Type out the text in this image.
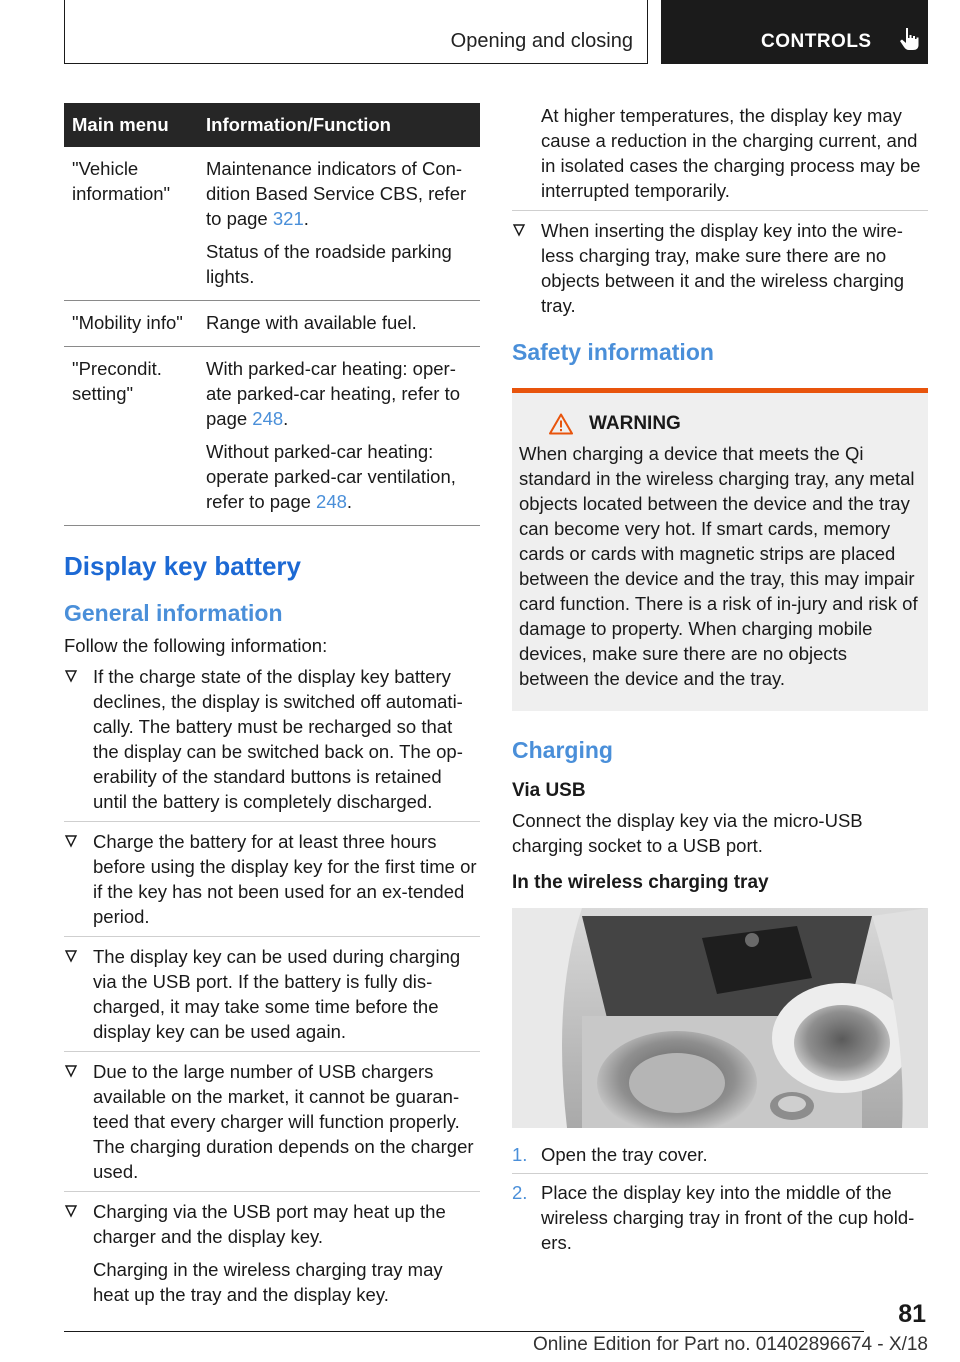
Opening and closing	CONTROLS
Main menu	Information/Function
"Vehicle information"	Maintenance indicators of Con‐dition Based Service CBS, refer to page 321.

Status of the roadside parking lights.

"Mobility info"	Range with available fuel.

"Precondit. setting"	With parked-car heating: oper‐ate parked-car heating, refer to page 248.

Without parked-car heating: operate parked-car ventilation, refer to page 248.

Display key battery
General information

Follow the following information:

If the charge state of the display key battery declines, the display is switched off automati‐cally. The battery must be recharged so that the display can be switched back on. The op‐erability of the standard buttons is retained until the battery is completely discharged.

Charge the battery for at least three hours before using the display key for the first time or if the key has not been used for an ex‐tended period.

The display key can be used during charging via the USB port. If the battery is fully dis‐charged, it may take some time before the display key can be used again.

Due to the large number of USB chargers available on the market, it cannot be guaran‐teed that every charger will function properly. The charging duration depends on the charger used.

Charging via the USB port may heat up the charger and the display key.

Charging in the wireless charging tray may heat up the tray and the display key.

At higher temperatures, the display key may cause a reduction in the charging current, and in isolated cases the charging process may be interrupted temporarily.

When inserting the display key into the wire‐less charging tray, make sure there are no objects between it and the wireless charging tray.

Safety information
WARNING
When charging a device that meets the Qi standard in the wireless charging tray, any metal objects located between the device and the tray can become very hot. If smart cards, memory cards or cards with magnetic strips are placed between the device and the tray, this may impair card function. There is a risk of in‐jury and risk of damage to property. When charging mobile devices, make sure there are no objects between the device and the tray.
Charging
Via USB

Connect the display key via the micro-USB charging socket to a USB port.

In the wireless charging tray
1. Open the tray cover.
2. Place the display key into the middle of the wireless charging tray in front of the cup hold‐ers.
81
Online Edition for Part no. 01402896674 - X/18
